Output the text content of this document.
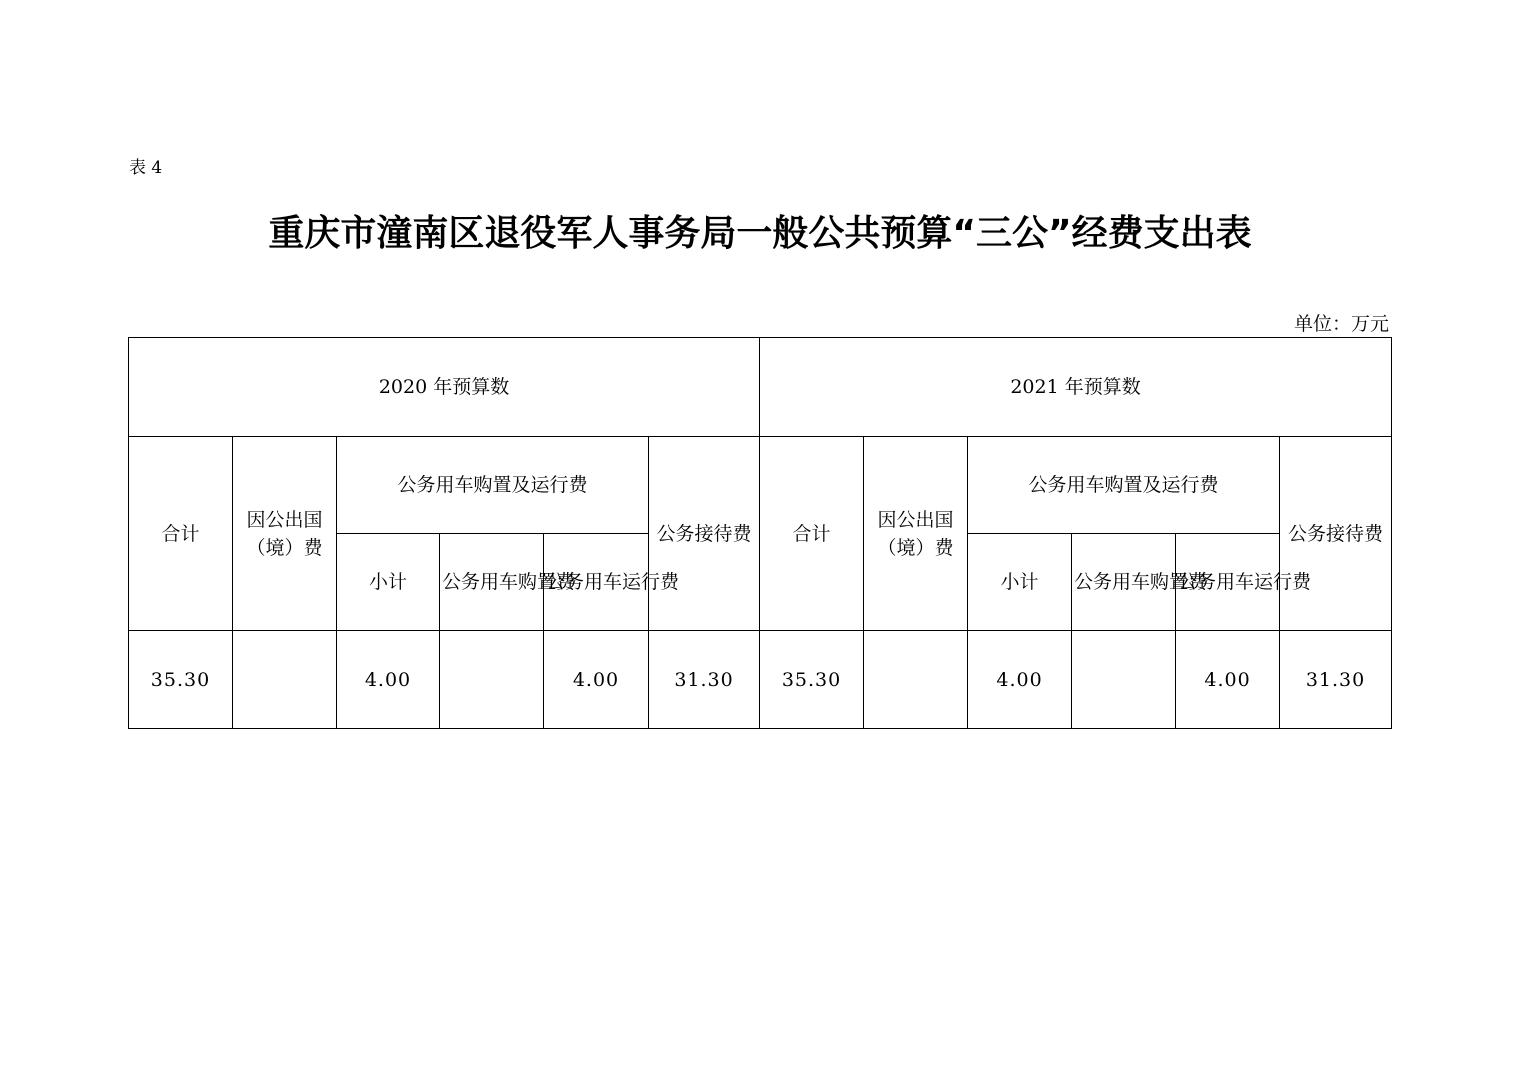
表 4
重庆市潼南区退役军人事务局一般公共预算“三公”经费支出表
单位：万元
2020 年预算数						2021 年预算数					
合计	因公出国（境）费	公务用车购置及运行费			公务接待费	合计	因公出国（境）费	公务用车购置及运行费			公务接待费
		小计	公务用车购置费	公务用车运行费				小计	公务用车购置费	公务用车运行费	
35.30		4.00		4.00	31.30	35.30		4.00		4.00	31.30
